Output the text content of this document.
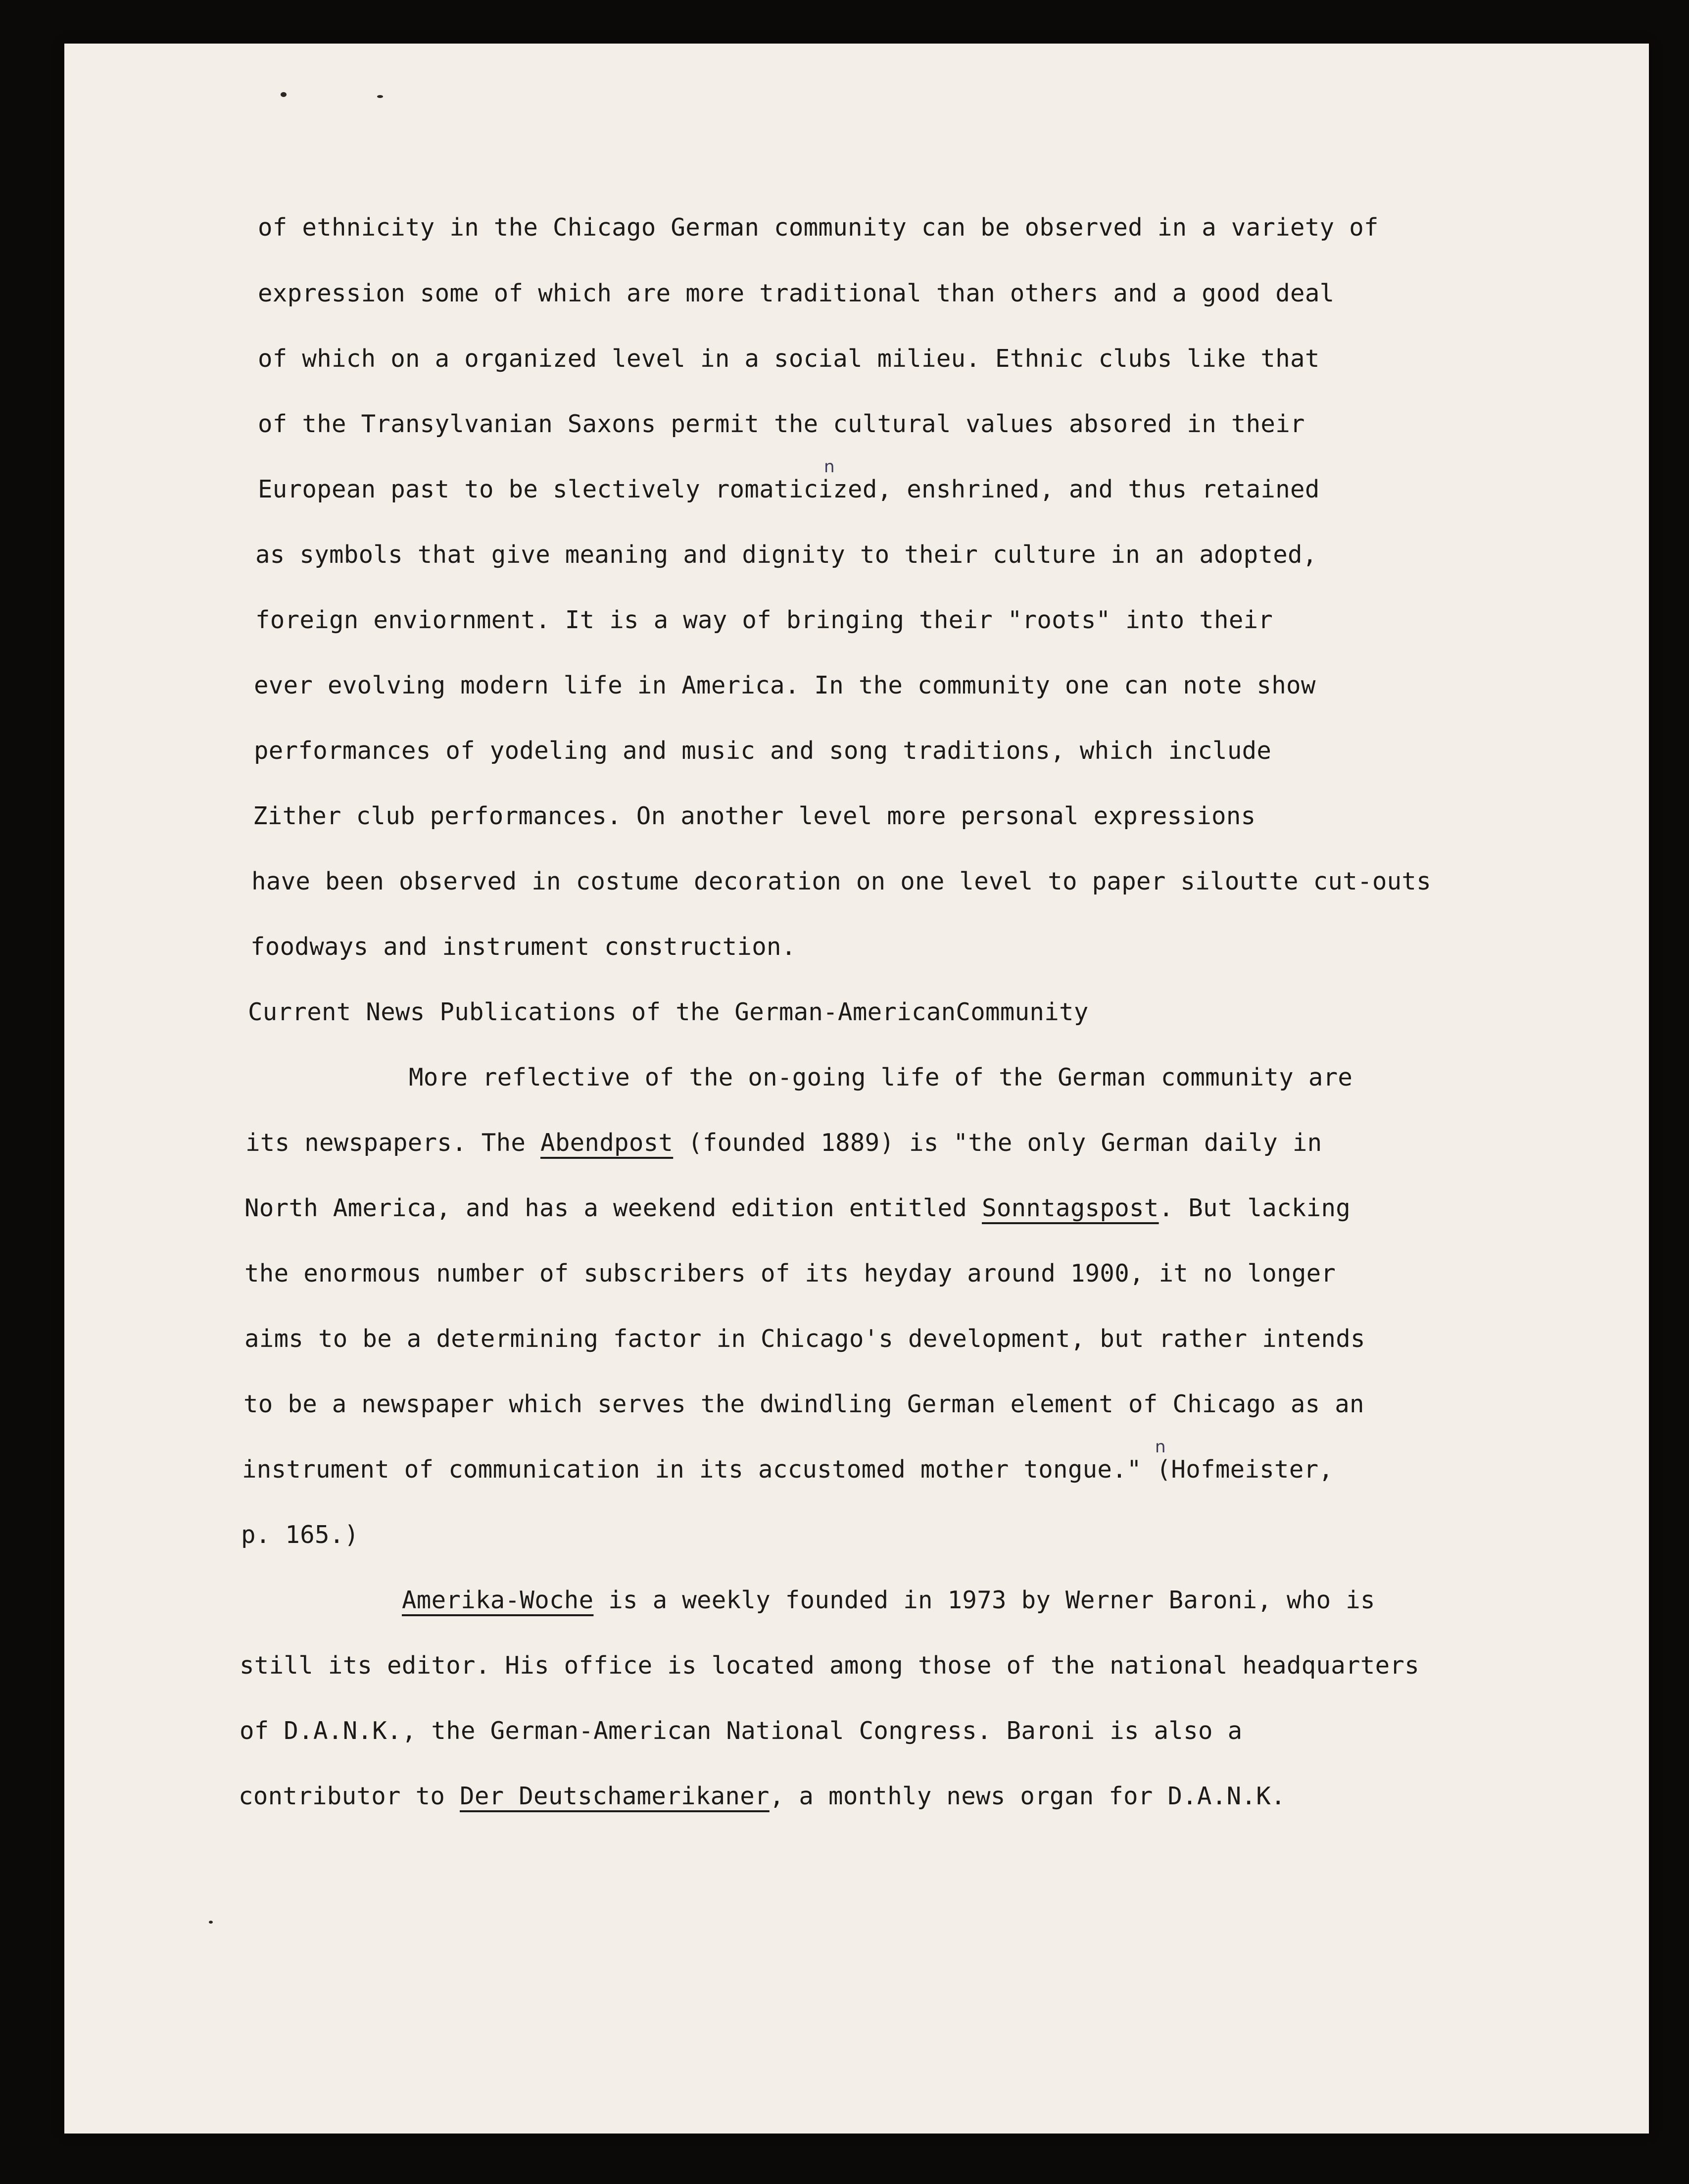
of ethnicity in the Chicago German community can be observed in a variety of

expression some of which are more traditional than others and a good deal

of which on a organized level in a social milieu. Ethnic clubs like that

of the Transylvanian Saxons permit the cultural values absored in their

European past to be slectively romaticized, enshrined, and thus retained

as symbols that give meaning and dignity to their culture in an adopted,

foreign enviornment. It is a way of bringing their "roots" into their

ever evolving modern life in America. In the community one can note show

performances of yodeling and music and song traditions, which include

Zither club performances. On another level more personal expressions

have been observed in costume decoration on one level to paper siloutte cut-outs

foodways and instrument construction.

Current News Publications of the German-AmericanCommunity

More reflective of the on-going life of the German community are

its newspapers. The Abendpost (founded 1889) is "the only German daily in

North America, and has a weekend edition entitled Sonntagspost. But lacking

the enormous number of subscribers of its heyday around 1900, it no longer

aims to be a determining factor in Chicago's development, but rather intends

to be a newspaper which serves the dwindling German element of Chicago as an

instrument of communication in its accustomed mother tongue." (Hofmeister,

p. 165.)

Amerika-Woche is a weekly founded in 1973 by Werner Baroni, who is

still its editor. His office is located among those of the national headquarters

of D.A.N.K., the German-American National Congress. Baroni is also a

contributor to Der Deutschamerikaner, a monthly news organ for D.A.N.K.

n
n
